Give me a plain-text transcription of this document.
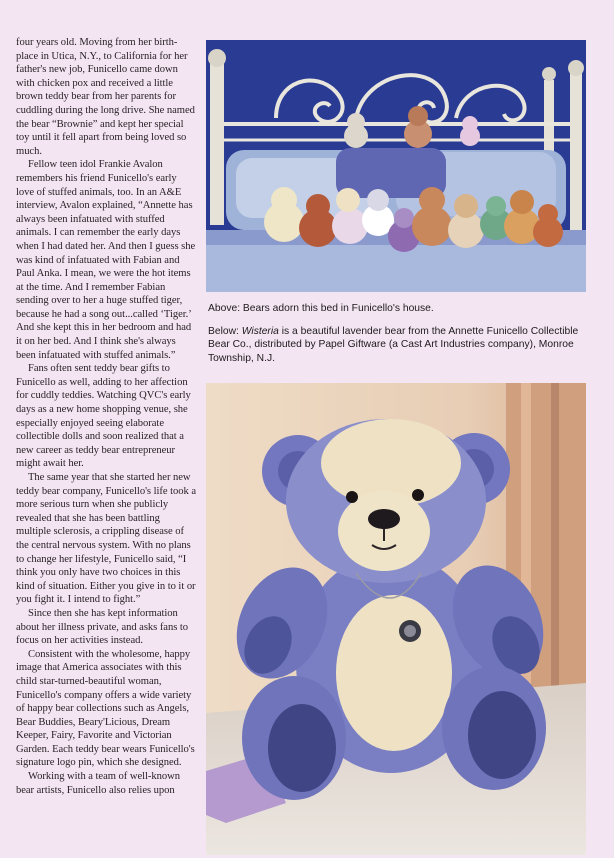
four years old. Moving from her birth-place in Utica, N.Y., to California for her father's new job, Funicello came down with chicken pox and received a little brown teddy bear from her parents for cuddling during the long drive. She named the bear “Brownie” and kept her special toy until it fell apart from being loved so much.

Fellow teen idol Frankie Avalon remembers his friend Funicello's early love of stuffed animals, too. In an A&E interview, Avalon explained, “Annette has always been infatuated with stuffed animals. I can remember the early days when I had dated her. And then I guess she was kind of infatuated with Fabian and Paul Anka. I mean, we were the hot items at the time. And I remember Fabian sending over to her a huge stuffed tiger, because he had a song out...called ‘Tiger.’ And she kept this in her bedroom and had it on her bed. And I think she's always been infatuated with stuffed animals.”

Fans often sent teddy bear gifts to Funicello as well, adding to her affection for cuddly teddies. Watching QVC's early days as a new home shopping venue, she especially enjoyed seeing elaborate collectible dolls and soon realized that a new career as teddy bear entrepreneur might await her.

The same year that she started her new teddy bear company, Funicello's life took a more serious turn when she publicly revealed that she has been battling multiple sclerosis, a crippling disease of the central nervous system. With no plans to change her lifestyle, Funicello said, “I think you only have two choices in this kind of situation. Either you give in to it or you fight it. I intend to fight.”

Since then she has kept information about her illness private, and asks fans to focus on her activities instead.

Consistent with the wholesome, happy image that America associates with this child star-turned-beautiful woman, Funicello's company offers a wide variety of happy bear collections such as Angels, Bear Buddies, Beary'Licious, Dream Keeper, Fairy, Favorite and Victorian Garden. Each teddy bear wears Funicello's signature logo pin, which she designed.

Working with a team of well-known bear artists, Funicello also relies upon

Above: Bears adorn this bed in Funicello's house.

Below: Wisteria is a beautiful lavender bear from the Annette Funicello Collectible Bear Co., distributed by Papel Giftware (a Cast Art Industries company), Monroe Township, N.J.
